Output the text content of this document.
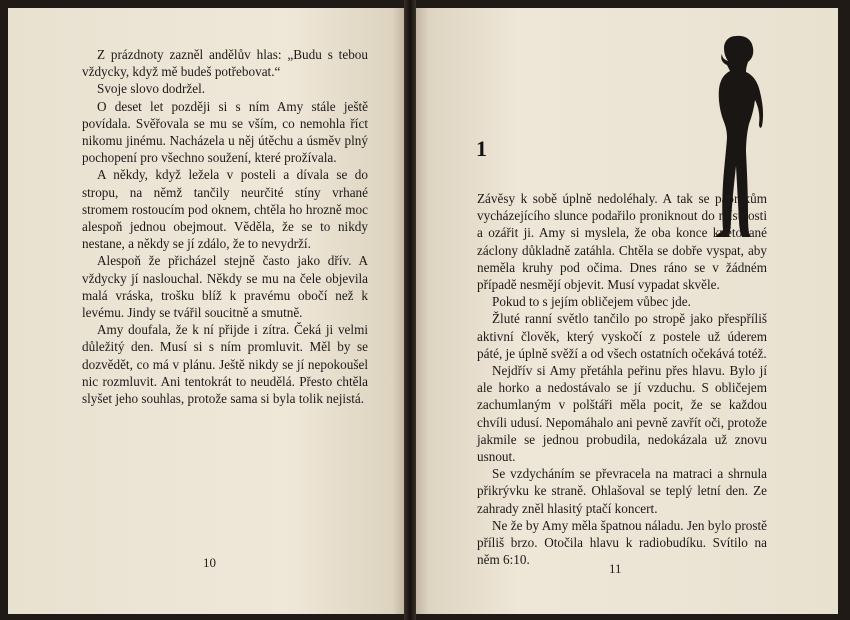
Z prázdnoty zazněl andělův hlas: „Budu s tebou vždycky, když mě budeš potřebovat.“

Svoje slovo dodržel.

O deset let později si s ním Amy stále ještě povídala. Svěřovala se mu se vším, co nemohla říct nikomu jinému. Nacházela u něj útěchu a úsměv plný pochopení pro všechno soužení, které prožívala.

A někdy, když ležela v posteli a dívala se do stropu, na němž tančily neurčité stíny vrhané stromem rostoucím pod oknem, chtěla ho hrozně moc alespoň jednou obejmout. Věděla, že se to nikdy nestane, a někdy se jí zdálo, že to nevydrží.

Alespoň že přicházel stejně často jako dřív. A vždycky jí naslouchal. Někdy se mu na čele objevila malá vráska, trošku blíž k pravému obočí než k levému. Jindy se tvářil soucitně a smutně.

Amy doufala, že k ní přijde i zítra. Čeká ji velmi důležitý den. Musí si s ním promluvit. Měl by se dozvědět, co má v plánu. Ještě nikdy se jí nepokoušel nic rozmluvit. Ani tentokrát to neudělá. Přesto chtěla slyšet jeho souhlas, protože sama si byla tolik nejistá.

10
1

Závěsy k sobě úplně nedoléhaly. A tak se paprskům vycházejícího slunce podařilo proniknout do místnosti a ozářit ji. Amy si myslela, že oba konce květované záclony důkladně zatáhla. Chtěla se dobře vyspat, aby neměla kruhy pod očima. Dnes ráno se v žádném případě nesmějí objevit. Musí vypadat skvěle.

Pokud to s jejím obličejem vůbec jde.

Žluté ranní světlo tančilo po stropě jako přespříliš aktivní člověk, který vyskočí z postele už úderem páté, je úplně svěží a od všech ostatních očekává totéž.

Nejdřív si Amy přetáhla peřinu přes hlavu. Bylo jí ale horko a nedostávalo se jí vzduchu. S obličejem zachumlaným v polštáři měla pocit, že se každou chvíli udusí. Nepomáhalo ani pevně zavřít oči, protože jakmile se jednou probudila, nedokázala už znovu usnout.

Se vzdycháním se převracela na matraci a shrnula přikrývku ke straně. Ohlašoval se teplý letní den. Ze zahrady zněl hlasitý ptačí koncert.

Ne že by Amy měla špatnou náladu. Jen bylo prostě příliš brzo. Otočila hlavu k radiobudíku. Svítilo na něm 6:10.

11
